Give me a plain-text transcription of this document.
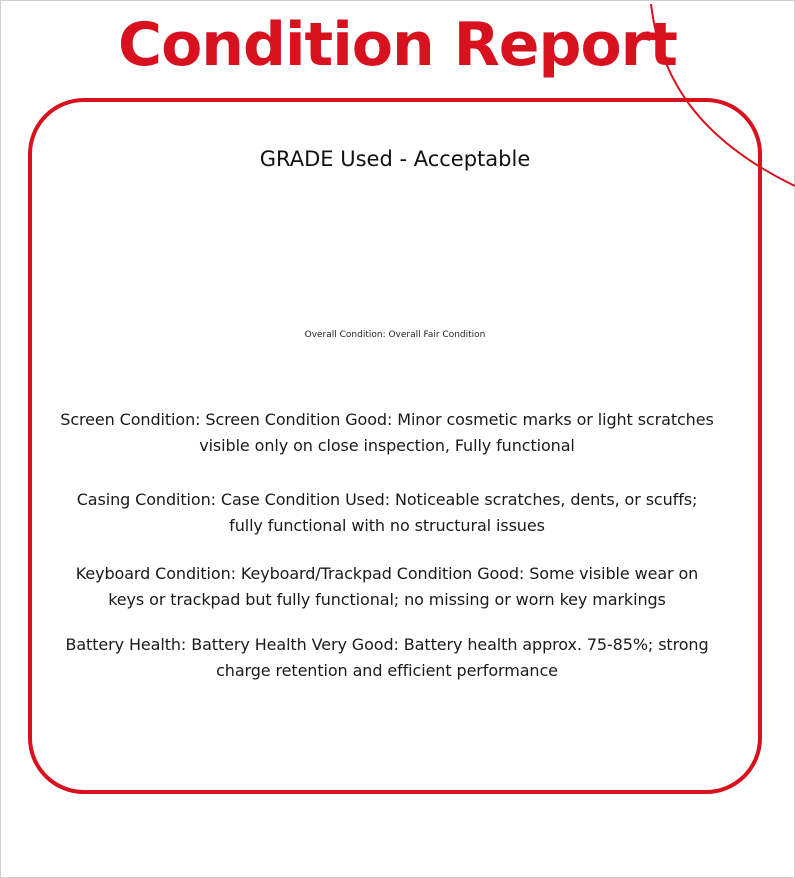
Condition Report
GRADE Used - Acceptable
Overall Condition: Overall Fair Condition
Screen Condition: Screen Condition Good: Minor cosmetic marks or light scratches visible only on close inspection, Fully functional
Casing Condition: Case Condition Used: Noticeable scratches, dents, or scuffs; fully functional with no structural issues
Keyboard Condition: Keyboard/Trackpad Condition Good: Some visible wear on keys or trackpad but fully functional; no missing or worn key markings
Battery Health: Battery Health Very Good: Battery health approx. 75-85%; strong charge retention and efficient performance
